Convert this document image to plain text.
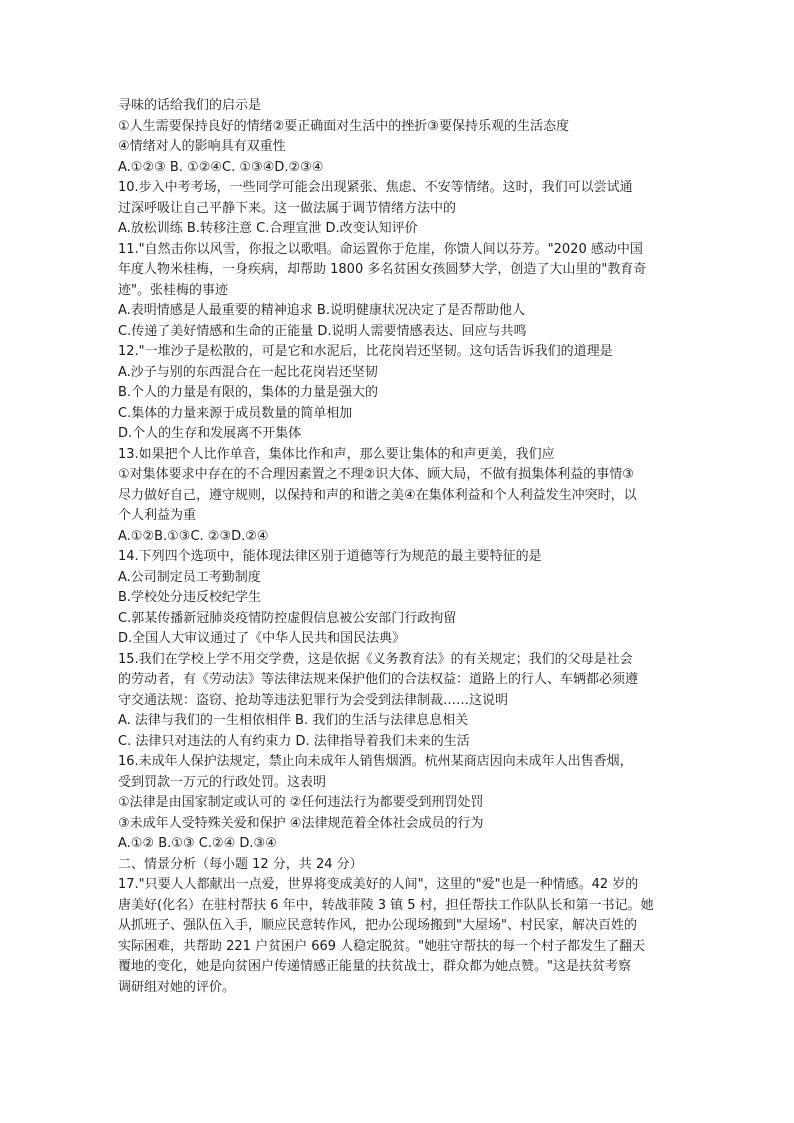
寻味的话给我们的启示是
①人生需要保持良好的情绪②要正确面对生活中的挫折③要保持乐观的生活态度
④情绪对人的影响具有双重性
A.①②③ B. ①②④C. ①③④D.②③④
10.步入中考考场，一些同学可能会出现紧张、焦虑、不安等情绪。这时，我们可以尝试通
过深呼吸让自己平静下来。这一做法属于调节情绪方法中的
A.放松训练 B.转移注意 C.合理宣泄 D.改变认知评价
11."自然击你以风雪，你报之以歌唱。命运置你于危崖，你馈人间以芬芳。"2020 感动中国
年度人物米桂梅，一身疾病，却帮助 1800 多名贫困女孩圆梦大学，创造了大山里的"教育奇
迹"。张桂梅的事迹
A.表明情感是人最重要的精神追求 B.说明健康状况决定了是否帮助他人
C.传递了美好情感和生命的正能量 D.说明人需要情感表达、回应与共鸣
12."一堆沙子是松散的，可是它和水泥后，比花岗岩还坚韧。这句话告诉我们的道理是
A.沙子与别的东西混合在一起比花岗岩还坚韧
B.个人的力量是有限的，集体的力量是强大的
C.集体的力量来源于成员数量的简单相加
D.个人的生存和发展离不开集体
13.如果把个人比作单音，集体比作和声，那么要让集体的和声更美，我们应
①对集体要求中存在的不合理因素置之不理②识大体、顾大局，不做有损集体利益的事情③
尽力做好自己，遵守规则，以保持和声的和谐之美④在集体利益和个人利益发生冲突时，以
个人利益为重
A.①②B.①③C. ②③D.②④
14.下列四个选项中，能体现法律区别于道德等行为规范的最主要特征的是
A.公司制定员工考勤制度
B.学校处分违反校纪学生
C.郭某传播新冠肺炎疫情防控虚假信息被公安部门行政拘留
D.全国人大审议通过了《中华人民共和国民法典》
15.我们在学校上学不用交学费，这是依据《义务教育法》的有关规定；我们的父母是社会
的劳动者，有《劳动法》等法律法规来保护他们的合法权益：道路上的行人、车辆都必须遵
守交通法规：盗窃、抢劫等违法犯罪行为会受到法律制裁……这说明
A. 法律与我们的一生相依相伴 B. 我们的生活与法律息息相关
C. 法律只对违法的人有约束力 D. 法律指导着我们未来的生活
16.未成年人保护法规定，禁止向未成年人销售烟酒。杭州某商店因向未成年人出售香烟，
受到罚款一万元的行政处罚。这表明
①法律是由国家制定或认可的 ②任何违法行为都要受到刑罚处罚
③未成年人受特殊关爱和保护 ④法律规范着全体社会成员的行为
A.①② B.①③ C.②④ D.③④
二、情景分析（每小题 12 分，共 24 分）
17."只要人人都献出一点爱，世界将变成美好的人间"，这里的"爱"也是一种情感。42 岁的
唐美好(化名）在驻村帮扶 6 年中，转战菲陵 3 镇 5 村，担任帮扶工作队队长和第一书记。她
从抓班子、强队伍入手，顺应民意转作风，把办公现场搬到"大屋场"、村民家，解决百姓的
实际困难，共帮助 221 户贫困户 669 人稳定脱贫。"她驻守帮扶的每一个村子都发生了翻天
覆地的变化，她是向贫困户传递情感正能量的扶贫战士，群众都为她点赞。"这是扶贫考察
调研组对她的评价。
